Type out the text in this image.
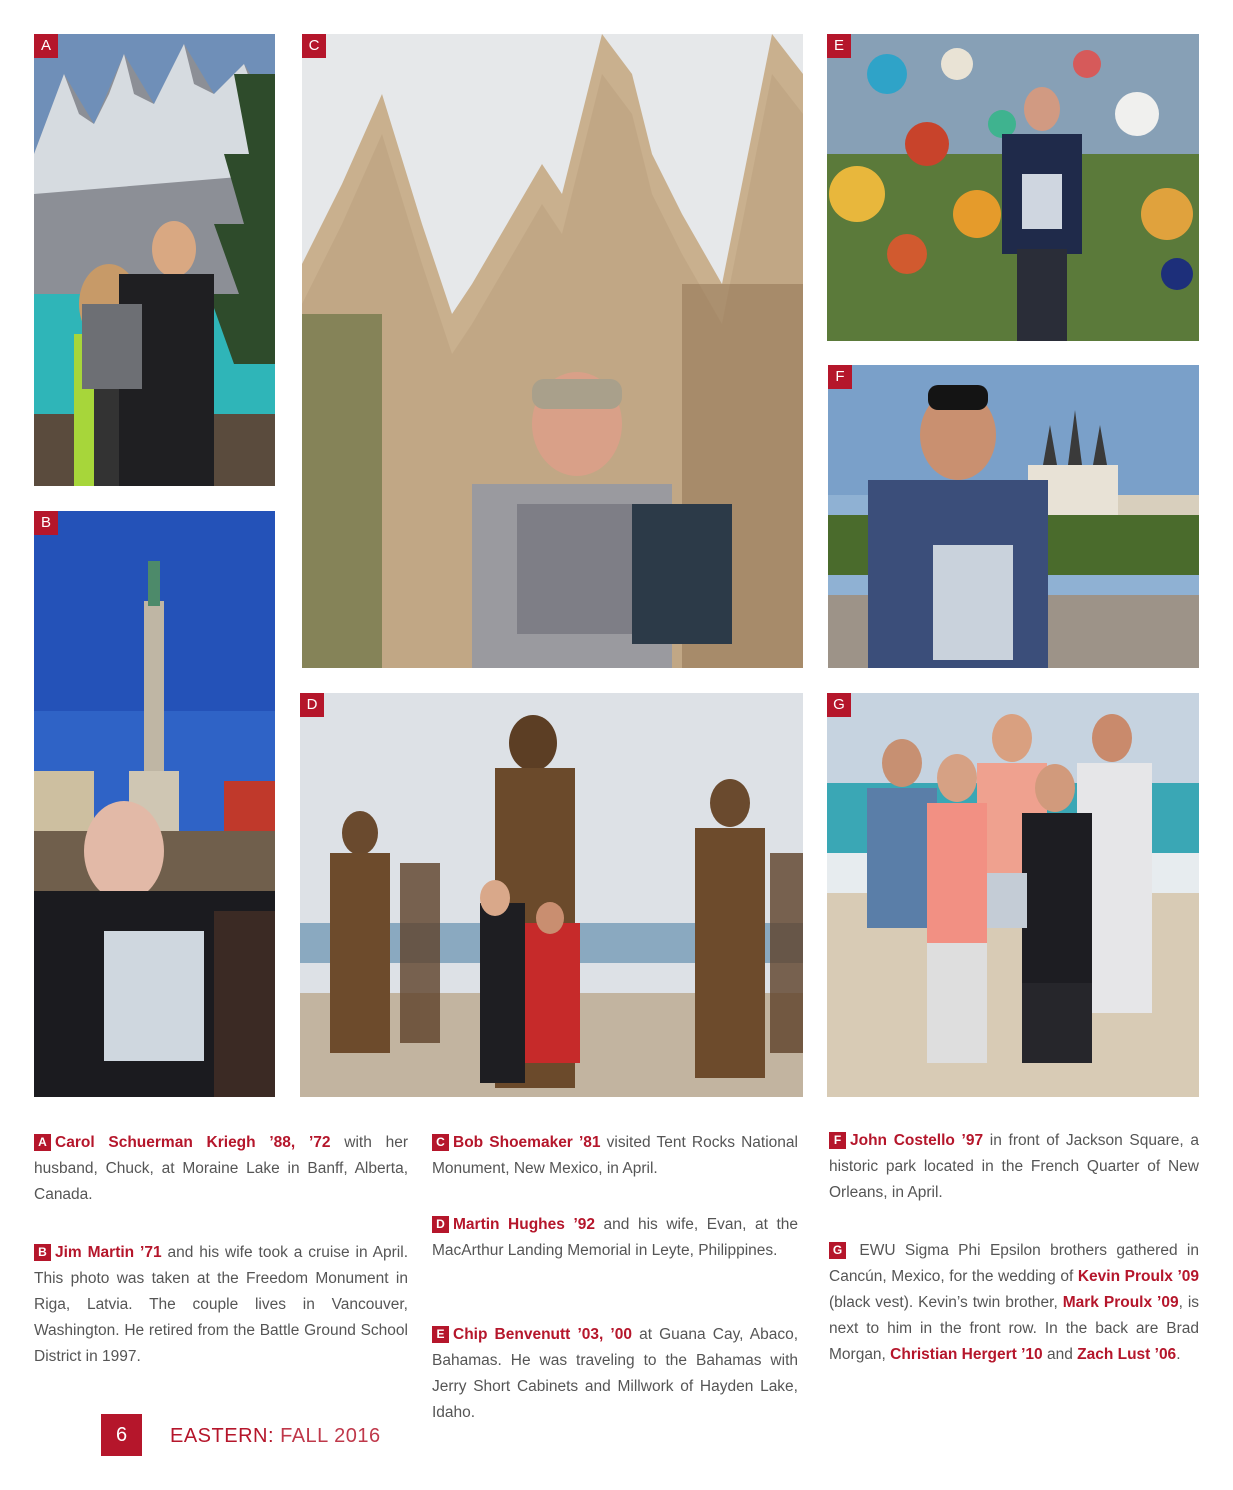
A
B
C
D
E
F
G

A Carol Schuerman Kriegh ’88, ’72 with her husband, Chuck, at Moraine Lake in Banff, Alberta, Canada.

B Jim Martin ’71 and his wife took a cruise in April. This photo was taken at the Freedom Monument in Riga, Latvia. The couple lives in Vancouver, Washington. He retired from the Battle Ground School District in 1997.

C Bob Shoemaker ’81 visited Tent Rocks National Monument, New Mexico, in April.

D Martin Hughes ’92 and his wife, Evan, at the MacArthur Landing Memorial in Leyte, Philippines.

E Chip Benvenutt ’03, ’00 at Guana Cay, Abaco, Bahamas. He was traveling to the Bahamas with Jerry Short Cabinets and Millwork of Hayden Lake, Idaho.

F John Costello ’97 in front of Jackson Square, a historic park located in the French Quarter of New Orleans, in April.

G EWU Sigma Phi Epsilon brothers gathered in Cancún, Mexico, for the wedding of Kevin Proulx ’09 (black vest). Kevin’s twin brother, Mark Proulx ’09, is next to him in the front row. In the back are Brad Morgan, Christian Hergert ’10 and Zach Lust ’06.

6	EASTERN: FALL 2016
